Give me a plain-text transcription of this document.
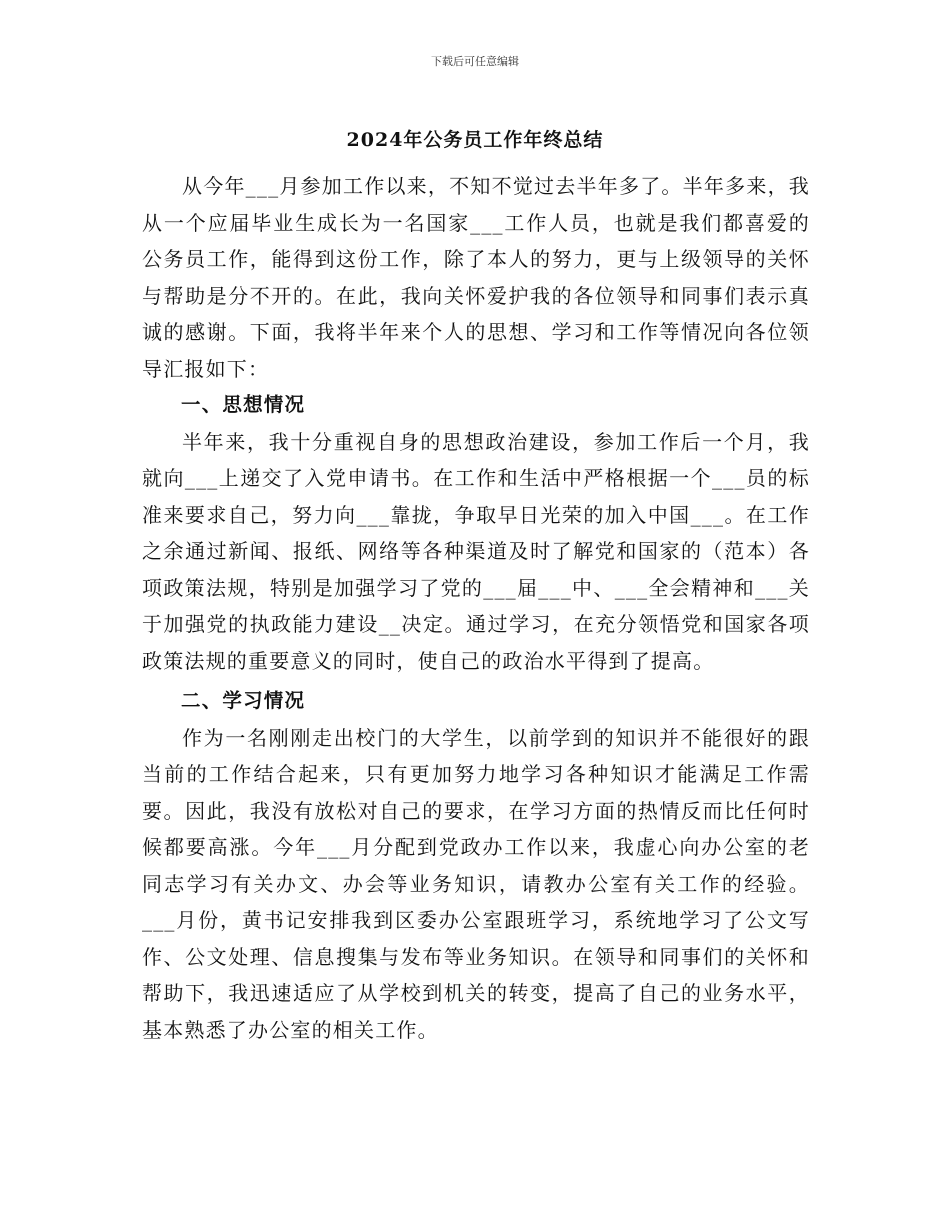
下载后可任意编辑
2024年公务员工作年终总结

从今年___月参加工作以来，不知不觉过去半年多了。半年多来，我从一个应届毕业生成长为一名国家___工作人员，也就是我们都喜爱的公务员工作，能得到这份工作，除了本人的努力，更与上级领导的关怀与帮助是分不开的。在此，我向关怀爱护我的各位领导和同事们表示真诚的感谢。下面，我将半年来个人的思想、学习和工作等情况向各位领导汇报如下：

一、思想情况

半年来，我十分重视自身的思想政治建设，参加工作后一个月，我就向___上递交了入党申请书。在工作和生活中严格根据一个___员的标准来要求自己，努力向___靠拢，争取早日光荣的加入中国___。在工作之余通过新闻、报纸、网络等各种渠道及时了解党和国家的（范本）各项政策法规，特别是加强学习了党的___届___中、___全会精神和___关于加强党的执政能力建设__决定。通过学习，在充分领悟党和国家各项政策法规的重要意义的同时，使自己的政治水平得到了提高。

二、学习情况

作为一名刚刚走出校门的大学生，以前学到的知识并不能很好的跟当前的工作结合起来，只有更加努力地学习各种知识才能满足工作需要。因此，我没有放松对自己的要求，在学习方面的热情反而比任何时候都要高涨。今年___月分配到党政办工作以来，我虚心向办公室的老同志学习有关办文、办会等业务知识，请教办公室有关工作的经验。___月份，黄书记安排我到区委办公室跟班学习，系统地学习了公文写作、公文处理、信息搜集与发布等业务知识。在领导和同事们的关怀和帮助下，我迅速适应了从学校到机关的转变，提高了自己的业务水平，基本熟悉了办公室的相关工作。
